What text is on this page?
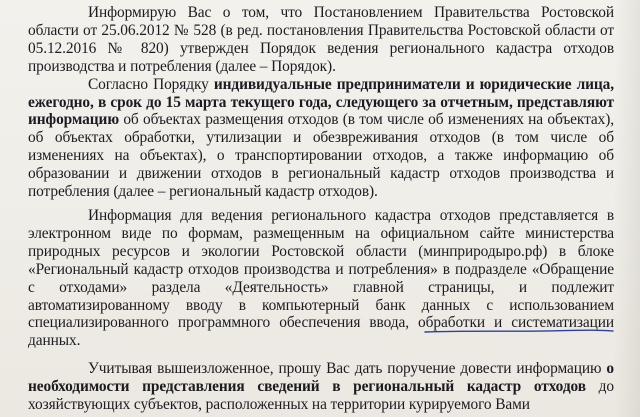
Информирую Вас о том, что Постановлением Правительства Ростовской области от 25.06.2012 № 528 (в ред. постановления Правительства Ростовской области от 05.12.2016 № 820) утвержден Порядок ведения регионального кадастра отходов производства и потребления (далее – Порядок).

Согласно Порядку индивидуальные предприниматели и юридические лица, ежегодно, в срок до 15 марта текущего года, следующего за отчетным, представляют информацию об объектах размещения отходов (в том числе об изменениях на объектах), об объектах обработки, утилизации и обезвреживания отходов (в том числе об изменениях на объектах), о транспортировании отходов, а также информацию об образовании и движении отходов в региональный кадастр отходов производства и потребления (далее – региональный кадастр отходов).

Информация для ведения регионального кадастра отходов представляется в электронном виде по формам, размещенным на официальном сайте министерства природных ресурсов и экологии Ростовской области (минприродыро.рф) в блоке «Региональный кадастр отходов производства и потребления» в подразделе «Обращение с отходами» раздела «Деятельность» главной страницы, и подлежит автоматизированному вводу в компьютерный банк данных с использованием специализированного программного обеспечения ввода, обработки и систематизации данных.

Учитывая вышеизложенное, прошу Вас дать поручение довести информацию о необходимости представления сведений в региональный кадастр отходов до хозяйствующих субъектов, расположенных на территории курируемого Вами
